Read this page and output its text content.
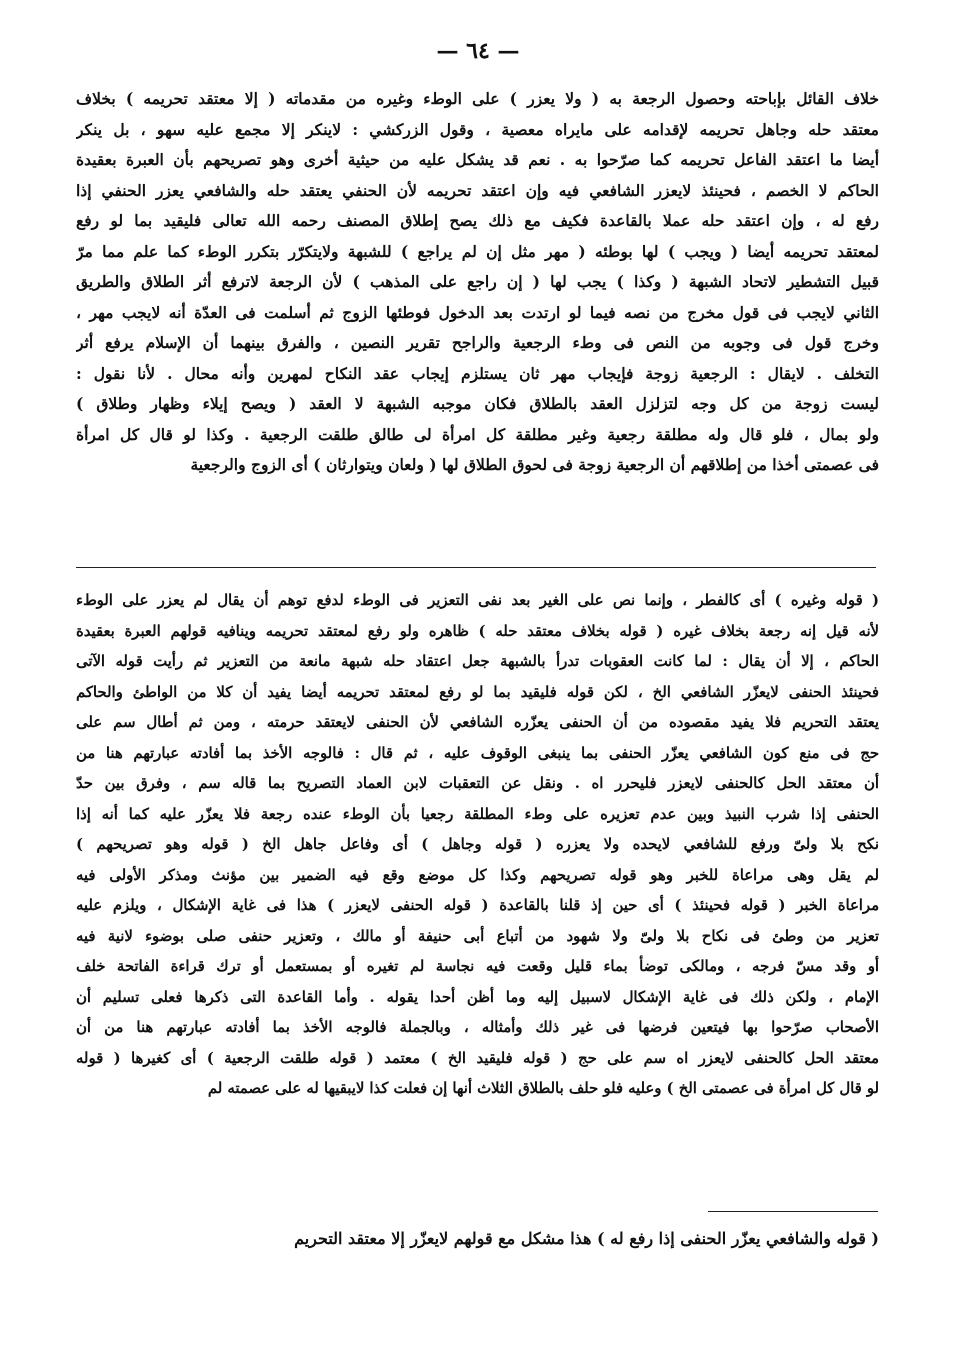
— ٦٤ —
خلاف القائل بإباحته وحصول الرجعة به ( ولا يعزر ) على الوطء وغيره من مقدماته ( إلا معتقد تحريمه ) بخلاف
معتقد حله وجاهل تحريمه لإقدامه على مايراه معصية ، وقول الزركشي : لاينكر إلا مجمع عليه سهو ، بل ينكر
أيضا ما اعتقد الفاعل تحريمه كما صرّحوا به . نعم قد يشكل عليه من حيثية أخرى وهو تصريحهم بأن العبرة بعقيدة
الحاكم لا الخصم ، فحينئذ لايعزر الشافعي فيه وإن اعتقد تحريمه لأن الحنفي يعتقد حله والشافعي يعزر الحنفي إذا
رفع له ، وإن اعتقد حله عملا بالقاعدة فكيف مع ذلك يصح إطلاق المصنف رحمه الله تعالى فليقيد بما لو رفع
لمعتقد تحريمه أيضا ( ويجب ) لها بوطئه ( مهر مثل إن لم يراجع ) للشبهة ولايتكرّر بتكرر الوطء كما علم مما مرّ
قبيل التشطير لاتحاد الشبهة ( وكذا ) يجب لها ( إن راجع على المذهب ) لأن الرجعة لاترفع أثر الطلاق والطريق
الثاني لايجب فى قول مخرج من نصه فيما لو ارتدت بعد الدخول فوطئها الزوج ثم أسلمت فى العدّة أنه لايجب مهر ،
وخرج قول فى وجوبه من النص فى وطء الرجعية والراجح تقرير النصين ، والفرق بينهما أن الإسلام يرفع أثر
التخلف . لايقال : الرجعية زوجة فإيجاب مهر ثان يستلزم إيجاب عقد النكاح لمهرين وأنه محال . لأنا نقول :
ليست زوجة من كل وجه لتزلزل العقد بالطلاق فكان موجبه الشبهة لا العقد ( ويصح إيلاء وظهار وطلاق )
ولو بمال ، فلو قال وله مطلقة رجعية وغير مطلقة كل امرأة لى طالق طلقت الرجعية . وكذا لو قال كل امرأة
فى عصمتى أخذا من إطلاقهم أن الرجعية زوجة فى لحوق الطلاق لها ( ولعان ويتوارثان ) أى الزوج والرجعية
( قوله وغيره ) أى كالفطر ، وإنما نص على الغير بعد نفى التعزير فى الوطء لدفع توهم أن يقال لم يعزر على الوطء
لأنه قيل إنه رجعة بخلاف غيره ( قوله بخلاف معتقد حله ) ظاهره ولو رفع لمعتقد تحريمه وينافيه قولهم العبرة بعقيدة
الحاكم ، إلا أن يقال : لما كانت العقوبات تدرأ بالشبهة جعل اعتقاد حله شبهة مانعة من التعزير ثم رأيت قوله الآتى
فحينئذ الحنفى لايعزّر الشافعي الخ ، لكن قوله فليقيد بما لو رفع لمعتقد تحريمه أيضا يفيد أن كلا من الواطئ والحاكم
يعتقد التحريم فلا يفيد مقصوده من أن الحنفى يعزّره الشافعي لأن الحنفى لايعتقد حرمته ، ومن ثم أطال سم على
حج فى منع كون الشافعي يعزّر الحنفى بما ينبغى الوقوف عليه ، ثم قال : فالوجه الأخذ بما أفادته عبارتهم هنا من
أن معتقد الحل كالحنفى لايعزر فليحرر اه . ونقل عن التعقبات لابن العماد التصريح بما قاله سم ، وفرق بين حدّ
الحنفى إذا شرب النبيذ وبين عدم تعزيره على وطء المطلقة رجعيا بأن الوطء عنده رجعة فلا يعزّر عليه كما أنه إذا
نكح بلا ولىّ ورفع للشافعي لايحده ولا يعزره ( قوله وجاهل ) أى وفاعل جاهل الخ ( قوله وهو تصريحهم )
لم يقل وهى مراعاة للخبر وهو قوله تصريحهم وكذا كل موضع وقع فيه الضمير بين مؤنث ومذكر الأولى فيه
مراعاة الخبر ( قوله فحينئذ ) أى حين إذ قلنا بالقاعدة ( قوله الحنفى لايعزر ) هذا فى غاية الإشكال ، ويلزم عليه
تعزير من وطئ فى نكاح بلا ولىّ ولا شهود من أتباع أبى حنيفة أو مالك ، وتعزير حنفى صلى بوضوء لانية فيه
أو وقد مسّ فرجه ، ومالكى توضأ بماء قليل وقعت فيه نجاسة لم تغيره أو بمستعمل أو ترك قراءة الفاتحة خلف
الإمام ، ولكن ذلك فى غاية الإشكال لاسبيل إليه وما أظن أحدا يقوله . وأما القاعدة التى ذكرها فعلى تسليم أن
الأصحاب صرّحوا بها فيتعين فرضها فى غير ذلك وأمثاله ، وبالجملة فالوجه الأخذ بما أفادته عبارتهم هنا من أن
معتقد الحل كالحنفى لايعزر اه سم على حج ( قوله فليقيد الخ ) معتمد ( قوله طلقت الرجعية ) أى كغيرها ( قوله
لو قال كل امرأة فى عصمتى الخ ) وعليه فلو حلف بالطلاق الثلاث أنها إن فعلت كذا لايبقيها له على عصمته لم
( قوله والشافعي يعزّر الحنفى إذا رفع له ) هذا مشكل مع قولهم لايعزّر إلا معتقد التحريم
